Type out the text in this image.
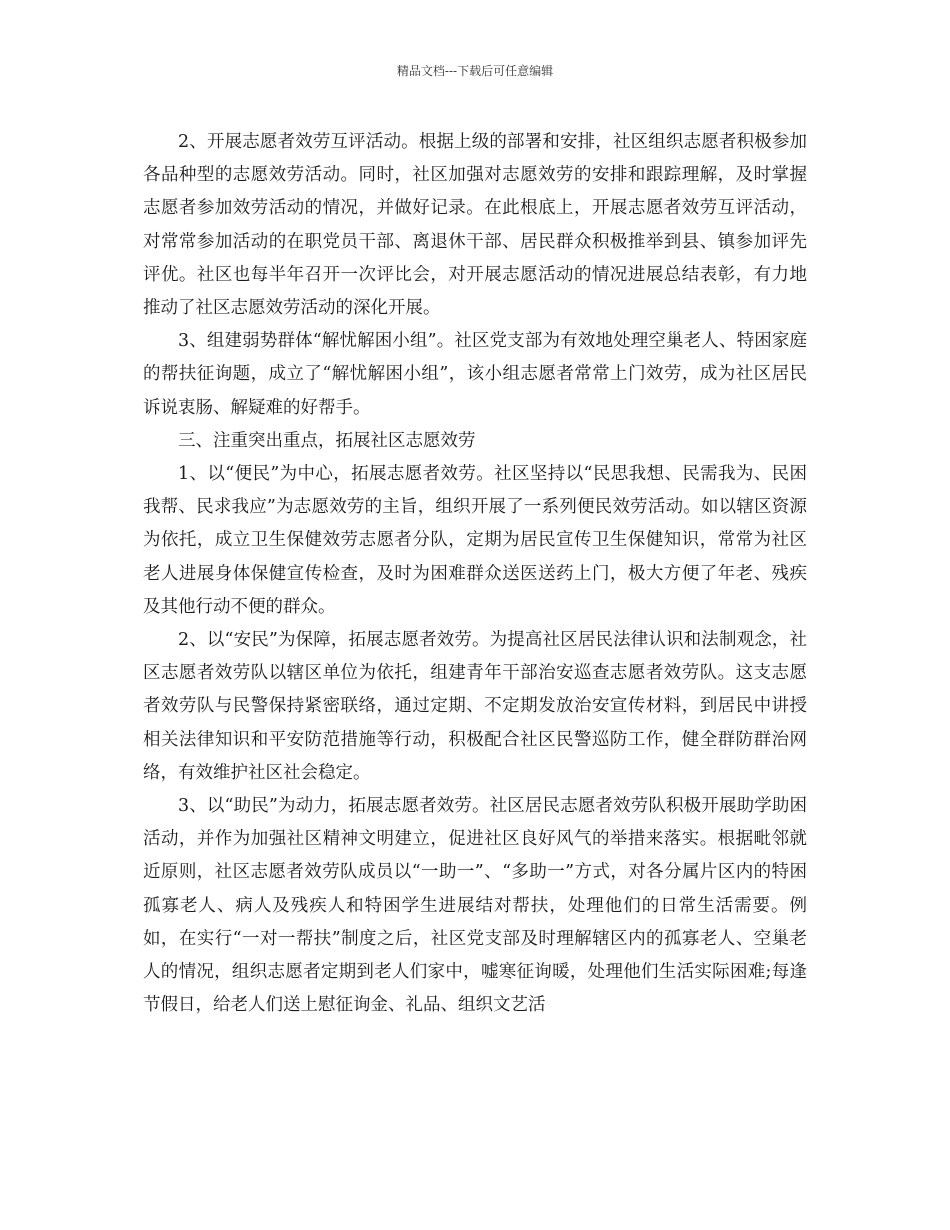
精品文档---下载后可任意编辑

2、开展志愿者效劳互评活动。根据上级的部署和安排，社区组织志愿者积极参加各品种型的志愿效劳活动。同时，社区加强对志愿效劳的安排和跟踪理解，及时掌握志愿者参加效劳活动的情况，并做好记录。在此根底上，开展志愿者效劳互评活动，对常常参加活动的在职党员干部、离退休干部、居民群众积极推举到县、镇参加评先评优。社区也每半年召开一次评比会，对开展志愿活动的情况进展总结表彰，有力地推动了社区志愿效劳活动的深化开展。

3、组建弱势群体“解忧解困小组”。社区党支部为有效地处理空巢老人、特困家庭的帮扶征询题，成立了“解忧解困小组”，该小组志愿者常常上门效劳，成为社区居民诉说衷肠、解疑难的好帮手。

三、注重突出重点，拓展社区志愿效劳

1、以“便民”为中心，拓展志愿者效劳。社区坚持以“民思我想、民需我为、民困我帮、民求我应”为志愿效劳的主旨，组织开展了一系列便民效劳活动。如以辖区资源为依托，成立卫生保健效劳志愿者分队，定期为居民宣传卫生保健知识，常常为社区老人进展身体保健宣传检查，及时为困难群众送医送药上门，极大方便了年老、残疾及其他行动不便的群众。

2、以“安民”为保障，拓展志愿者效劳。为提高社区居民法律认识和法制观念，社区志愿者效劳队以辖区单位为依托，组建青年干部治安巡查志愿者效劳队。这支志愿者效劳队与民警保持紧密联络，通过定期、不定期发放治安宣传材料，到居民中讲授相关法律知识和平安防范措施等行动，积极配合社区民警巡防工作，健全群防群治网络，有效维护社区社会稳定。

3、以“助民”为动力，拓展志愿者效劳。社区居民志愿者效劳队积极开展助学助困活动，并作为加强社区精神文明建立，促进社区良好风气的举措来落实。根据毗邻就近原则，社区志愿者效劳队成员以“一助一”、“多助一”方式，对各分属片区内的特困孤寡老人、病人及残疾人和特困学生进展结对帮扶，处理他们的日常生活需要。例如，在实行“一对一帮扶”制度之后，社区党支部及时理解辖区内的孤寡老人、空巢老人的情况，组织志愿者定期到老人们家中，嘘寒征询暖，处理他们生活实际困难;每逢节假日，给老人们送上慰征询金、礼品、组织文艺活
